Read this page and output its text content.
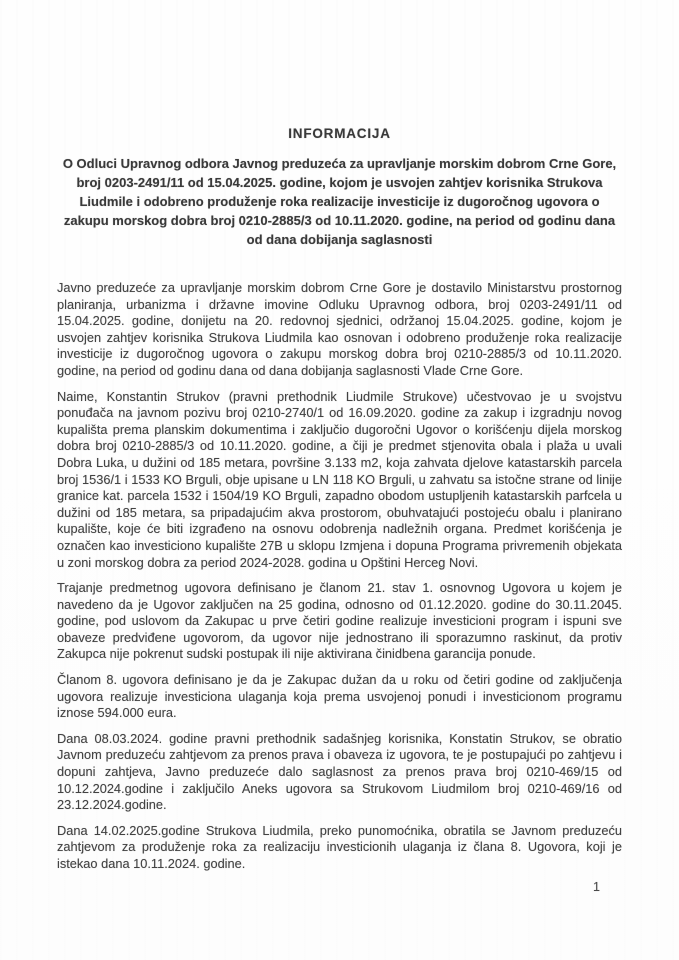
INFORMACIJA

O Odluci Upravnog odbora Javnog preduzeća za upravljanje morskim dobrom Crne Gore, broj 0203-2491/11 od 15.04.2025. godine, kojom je usvojen zahtjev korisnika Strukova Liudmile i odobreno produženje roka realizacije investicije iz dugoročnog ugovora o zakupu morskog dobra broj 0210-2885/3 od 10.11.2020. godine, na period od godinu dana od dana dobijanja saglasnosti

Javno preduzeće za upravljanje morskim dobrom Crne Gore je dostavilo Ministarstvu prostornog planiranja, urbanizma i državne imovine Odluku Upravnog odbora, broj 0203-2491/11 od 15.04.2025. godine, donijetu na 20. redovnoj sjednici, održanoj 15.04.2025. godine, kojom je usvojen zahtjev korisnika Strukova Liudmila kao osnovan i odobreno produženje roka realizacije investicije iz dugoročnog ugovora o zakupu morskog dobra broj 0210-2885/3 od 10.11.2020. godine, na period od godinu dana od dana dobijanja saglasnosti Vlade Crne Gore.

Naime, Konstantin Strukov (pravni prethodnik Liudmile Strukove) učestvovao je u svojstvu ponuđača na javnom pozivu broj 0210-2740/1 od 16.09.2020. godine za zakup i izgradnju novog kupališta prema planskim dokumentima i zaključio dugoročni Ugovor o korišćenju dijela morskog dobra broj 0210-2885/3 od 10.11.2020. godine, a čiji je predmet stjenovita obala i plaža u uvali Dobra Luka, u dužini od 185 metara, površine 3.133 m2, koja zahvata djelove katastarskih parcela broj 1536/1 i 1533 KO Brguli, obje upisane u LN 118 KO Brguli, u zahvatu sa istočne strane od linije granice kat. parcela 1532 i 1504/19 KO Brguli, zapadno obodom ustupljenih katastarskih parfcela u dužini od 185 metara, sa pripadajućim akva prostorom, obuhvatajući postojeću obalu i planirano kupalište, koje će biti izgrađeno na osnovu odobrenja nadležnih organa. Predmet korišćenja je označen kao investiciono kupalište 27B u sklopu Izmjena i dopuna Programa privremenih objekata u zoni morskog dobra za period 2024-2028. godina u Opštini Herceg Novi.

Trajanje predmetnog ugovora definisano je članom 21. stav 1. osnovnog Ugovora u kojem je navedeno da je Ugovor zaključen na 25 godina, odnosno od 01.12.2020. godine do 30.11.2045. godine, pod uslovom da Zakupac u prve četiri godine realizuje investicioni program i ispuni sve obaveze predviđene ugovorom, da ugovor nije jednostrano ili sporazumno raskinut, da protiv Zakupca nije pokrenut sudski postupak ili nije aktivirana činidbena garancija ponude.

Članom 8. ugovora definisano je da je Zakupac dužan da u roku od četiri godine od zaključenja ugovora realizuje investiciona ulaganja koja prema usvojenoj ponudi i investicionom programu iznose 594.000 eura.

Dana 08.03.2024. godine pravni prethodnik sadašnjeg korisnika, Konstatin Strukov, se obratio Javnom preduzeću zahtjevom za prenos prava i obaveza iz ugovora, te je postupajući po zahtjevu i dopuni zahtjeva, Javno preduzeće dalo saglasnost za prenos prava broj 0210-469/15 od 10.12.2024.godine i zaključilo Aneks ugovora sa Strukovom Liudmilom broj 0210-469/16 od 23.12.2024.godine.

Dana 14.02.2025.godine Strukova Liudmila, preko punomoćnika, obratila se Javnom preduzeću zahtjevom za produženje roka za realizaciju investicionih ulaganja iz člana 8. Ugovora, koji je istekao dana 10.11.2024. godine.

1
